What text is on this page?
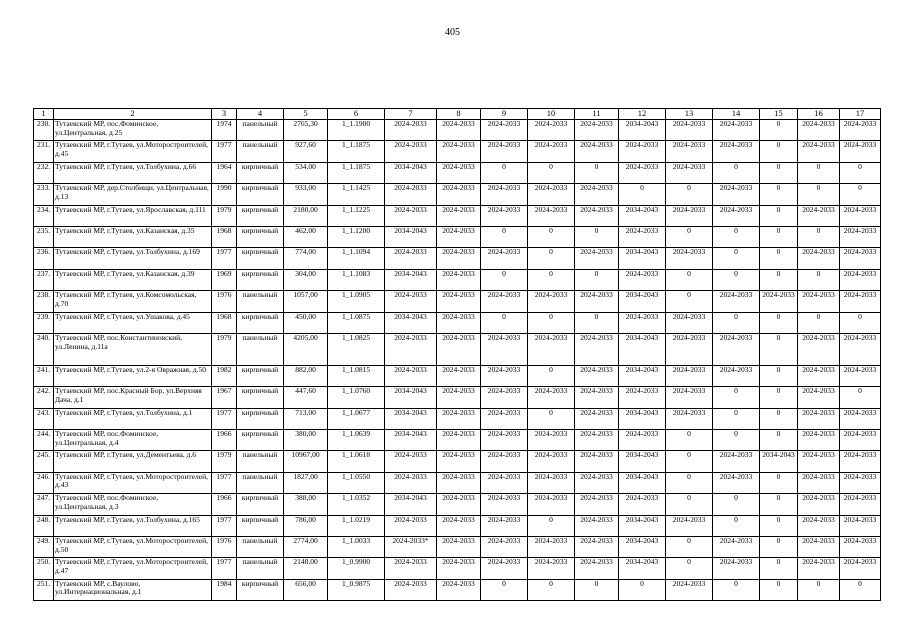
405
1	2	3	4	5	6	7	8	9	10	11	12	13	14	15	16	17
230.	Тутаевский МР, пос.Фоминское, ул.Центральная, д.25	1974	панельный	2765,30	1_1.1900	2024-2033	2024-2033	2024-2033	2024-2033	2024-2033	2034-2043	2024-2033	2024-2033	0	2024-2033	2024-2033
231.	Тутаевский МР, г.Тутаев, ул.Моторостроителей, д.45	1977	панельный	927,60	1_1.1875	2024-2033	2024-2033	2024-2033	2024-2033	2024-2033	2024-2033	2024-2033	2024-2033	0	2024-2033	2024-2033
232.	Тутаевский МР, г.Тутаев, ул.Толбухина, д.66	1964	кирпичный	534,00	1_1.1875	2034-2043	2024-2033	0	0	0	2024-2033	2024-2033	0	0	0	0
233.	Тутаевский МР, дер.Столбищи, ул.Центральная, д.13	1990	кирпичный	933,00	1_1.1425	2024-2033	2024-2033	2024-2033	2024-2033	2024-2033	0	0	2024-2033	0	0	0
234.	Тутаевский МР, г.Тутаев, ул.Ярославская, д.111	1979	кирпичный	2180,00	1_1.1225	2024-2033	2024-2033	2024-2033	2024-2033	2024-2033	2034-2043	2024-2033	2024-2033	0	2024-2033	2024-2033
235.	Тутаевский МР, г.Тутаев, ул.Казанская, д.35	1968	кирпичный	462,00	1_1.1200	2034-2043	2024-2033	0	0	0	2024-2033	0	0	0	0	2024-2033
236.	Тутаевский МР, г.Тутаев, ул.Толбухина, д.169	1977	кирпичный	774,00	1_1.1094	2024-2033	2024-2033	2024-2033	0	2024-2033	2034-2043	2024-2033	0	0	2024-2033	2024-2033
237.	Тутаевский МР, г.Тутаев, ул.Казанская, д.39	1969	кирпичный	304,00	1_1.1083	2034-2043	2024-2033	0	0	0	2024-2033	0	0	0	0	2024-2033
238.	Тутаевский МР, г.Тутаев, ул.Комсомольская, д.70	1976	панельный	1057,00	1_1.0905	2024-2033	2024-2033	2024-2033	2024-2033	2024-2033	2034-2043	0	2024-2033	2024-2033	2024-2033	2024-2033
239.	Тутаевский МР, г.Тутаев, ул.Ушакова, д.45	1968	кирпичный	450,00	1_1.0875	2034-2043	2024-2033	0	0	0	2024-2033	2024-2033	0	0	0	0
240.	Тутаевский МР, пос.Константиновский, ул.Ленина, д.11а	1979	панельный	4205,00	1_1.0825	2024-2033	2024-2033	2024-2033	2024-2033	2024-2033	2034-2043	2024-2033	2024-2033	0	2024-2033	2024-2033
241.	Тутаевский МР, г.Тутаев, ул.2-я Овражная, д.50	1982	кирпичный	882,00	1_1.0815	2024-2033	2024-2033	2024-2033	0	2024-2033	2034-2043	2024-2033	2024-2033	0	2024-2033	2024-2033
242.	Тутаевский МР, пос.Красный Бор, ул.Верхняя Дача, д.1	1967	кирпичный	447,60	1_1.0760	2034-2043	2024-2033	2024-2033	2024-2033	2024-2033	2024-2033	2024-2033	0	0	2024-2033	0
243.	Тутаевский МР, г.Тутаев, ул.Толбухина, д.1	1977	кирпичный	713,00	1_1.0677	2034-2043	2024-2033	2024-2033	0	2024-2033	2034-2043	2024-2033	0	0	2024-2033	2024-2033
244.	Тутаевский МР, пос.Фоминское, ул.Центральная, д.4	1966	кирпичный	380,00	1_1.0639	2034-2043	2024-2033	2024-2033	2024-2033	2024-2033	2024-2033	0	0	0	2024-2033	2024-2033
245.	Тутаевский МР, г.Тутаев, ул.Дементьева, д.6	1979	панельный	10967,00	1_1.0618	2024-2033	2024-2033	2024-2033	2024-2033	2024-2033	2034-2043	0	2024-2033	2034-2043	2024-2033	2024-2033
246.	Тутаевский МР, г.Тутаев, ул.Моторостроителей, д.43	1977	панельный	1827,00	1_1.0550	2024-2033	2024-2033	2024-2033	2024-2033	2024-2033	2034-2043	0	2024-2033	0	2024-2033	2024-2033
247.	Тутаевский МР, пос.Фоминское, ул.Центральная, д.3	1966	кирпичный	388,00	1_1.0352	2034-2043	2024-2033	2024-2033	2024-2033	2024-2033	2024-2033	0	0	0	2024-2033	2024-2033
248.	Тутаевский МР, г.Тутаев, ул.Толбухина, д.165	1977	кирпичный	786,00	1_1.0219	2024-2033	2024-2033	2024-2033	0	2024-2033	2034-2043	2024-2033	0	0	2024-2033	2024-2033
249.	Тутаевский МР, г.Тутаев, ул.Моторостроителей, д.50	1976	панельный	2774,00	1_1.0033	2024-2033*	2024-2033	2024-2033	2024-2033	2024-2033	2034-2043	0	2024-2033	0	2024-2033	2024-2033
250.	Тутаевский МР, г.Тутаев, ул.Моторостроителей, д.47	1977	панельный	2148,00	1_0.9900	2024-2033	2024-2033	2024-2033	2024-2033	2024-2033	2034-2043	0	2024-2033	0	2024-2033	2024-2033
251.	Тутаевский МР, с.Вауловo, ул.Интернациональная, д.1	1984	кирпичный	656,00	1_0.9875	2024-2033	2024-2033	0	0	0	0	2024-2033	0	0	0	0
